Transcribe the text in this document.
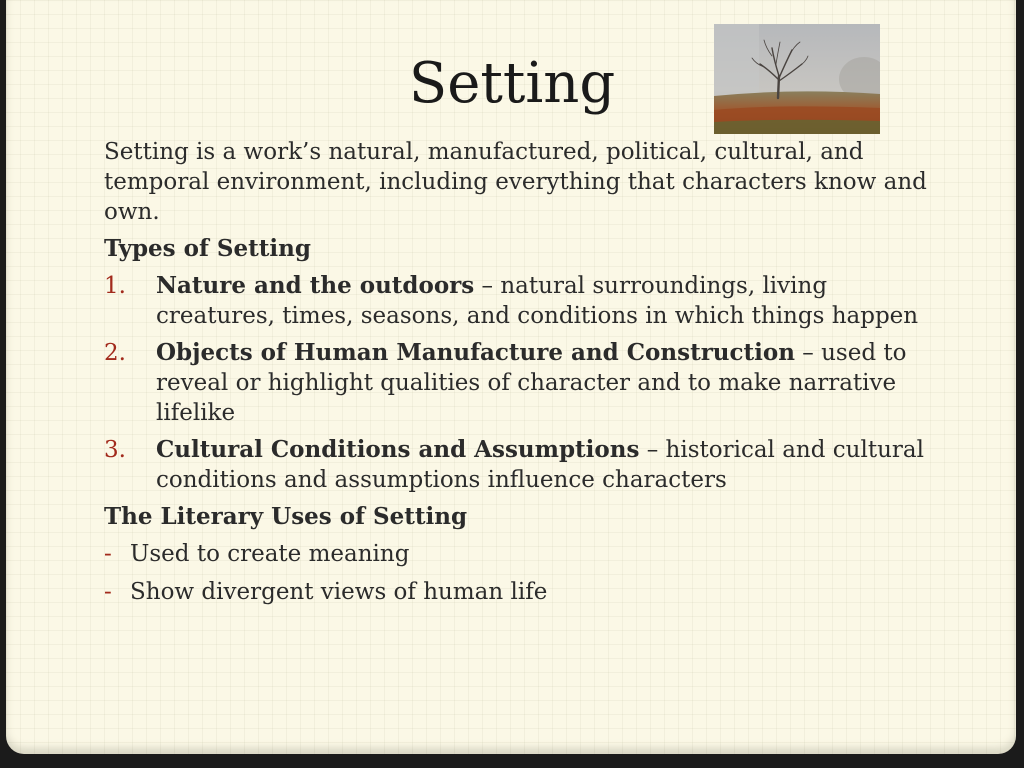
Setting

Setting is a work’s natural, manufactured, political, cultural, and temporal environment, including everything that characters know and own.

Types of Setting
1. Nature and the outdoors – natural surroundings, living creatures, times, seasons, and conditions in which things happen
2. Objects of Human Manufacture and Construction – used to reveal or highlight qualities of character and to make narrative lifelike
3. Cultural Conditions and Assumptions – historical and cultural conditions and assumptions influence characters
The Literary Uses of Setting
- Used to create meaning
- Show divergent views of human life
